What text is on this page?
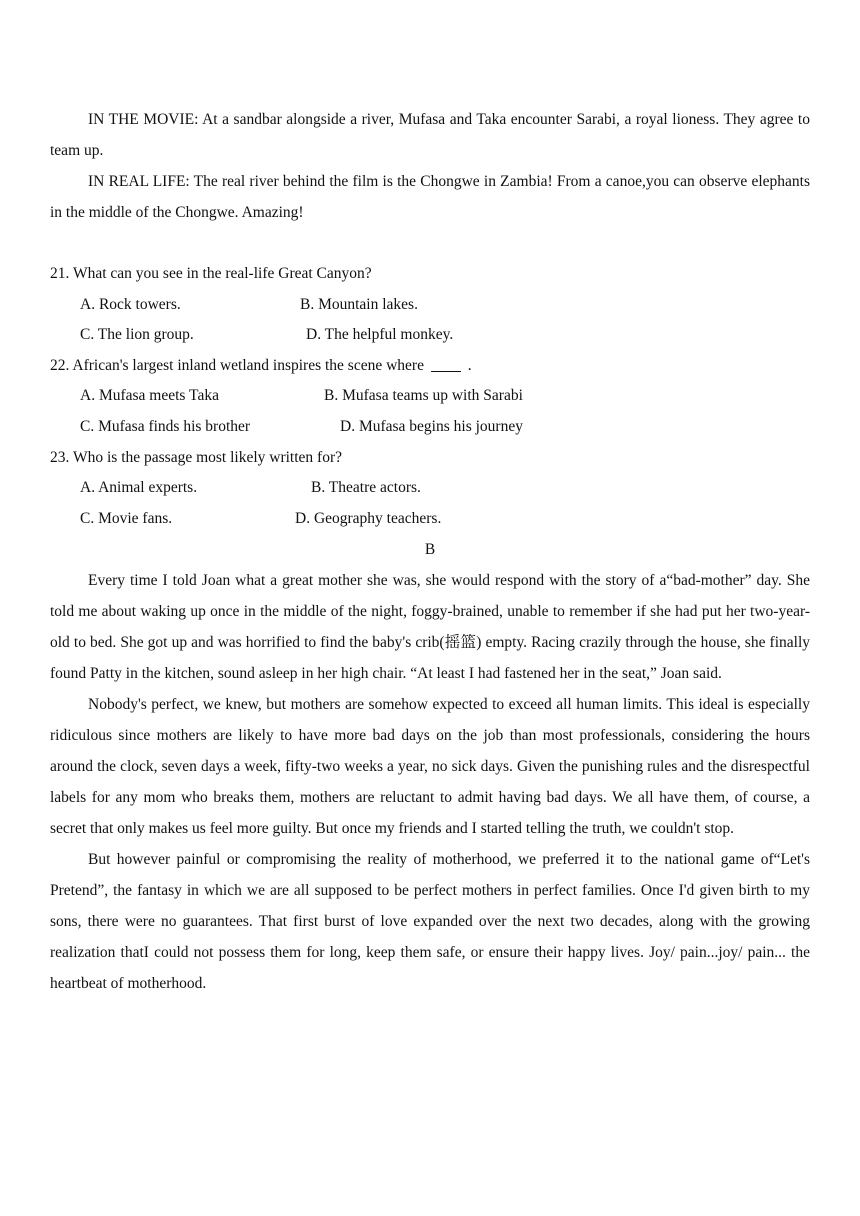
IN THE MOVIE: At a sandbar alongside a river, Mufasa and Taka encounter Sarabi, a royal lioness. They agree to team up.

IN REAL LIFE: The real river behind the film is the Chongwe in Zambia! From a canoe,you can observe elephants in the middle of the Chongwe. Amazing!

21. What can you see in the real-life Great Canyon?
A. Rock towers.	B. Mountain lakes.
C. The lion group.	D. The helpful monkey.
22. African's largest inland wetland inspires the scene where	.
A. Mufasa meets Taka	B. Mufasa teams up with Sarabi
C. Mufasa finds his brother	D. Mufasa begins his journey
23. Who is the passage most likely written for?
A. Animal experts.	B. Theatre actors.
C. Movie fans.	D. Geography teachers.
B

Every time I told Joan what a great mother she was, she would respond with the story of a“bad-mother” day. She told me about waking up once in the middle of the night, foggy-brained, unable to remember if she had put her two-year-old to bed. She got up and was horrified to find the baby's crib(摇篮) empty. Racing crazily through the house, she finally found Patty in the kitchen, sound asleep in her high chair. “At least I had fastened her in the seat,” Joan said.

Nobody's perfect, we knew, but mothers are somehow expected to exceed all human limits. This ideal is especially ridiculous since mothers are likely to have more bad days on the job than most professionals, considering the hours around the clock, seven days a week, fifty-two weeks a year, no sick days. Given the punishing rules and the disrespectful labels for any mom who breaks them, mothers are reluctant to admit having bad days. We all have them, of course, a secret that only makes us feel more guilty. But once my friends and I started telling the truth, we couldn't stop.

But however painful or compromising the reality of motherhood, we preferred it to the national game of“Let's Pretend”, the fantasy in which we are all supposed to be perfect mothers in perfect families. Once I'd given birth to my sons, there were no guarantees. That first burst of love expanded over the next two decades, along with the growing realization thatI could not possess them for long, keep them safe, or ensure their happy lives. Joy/ pain...joy/ pain... the heartbeat of motherhood.
